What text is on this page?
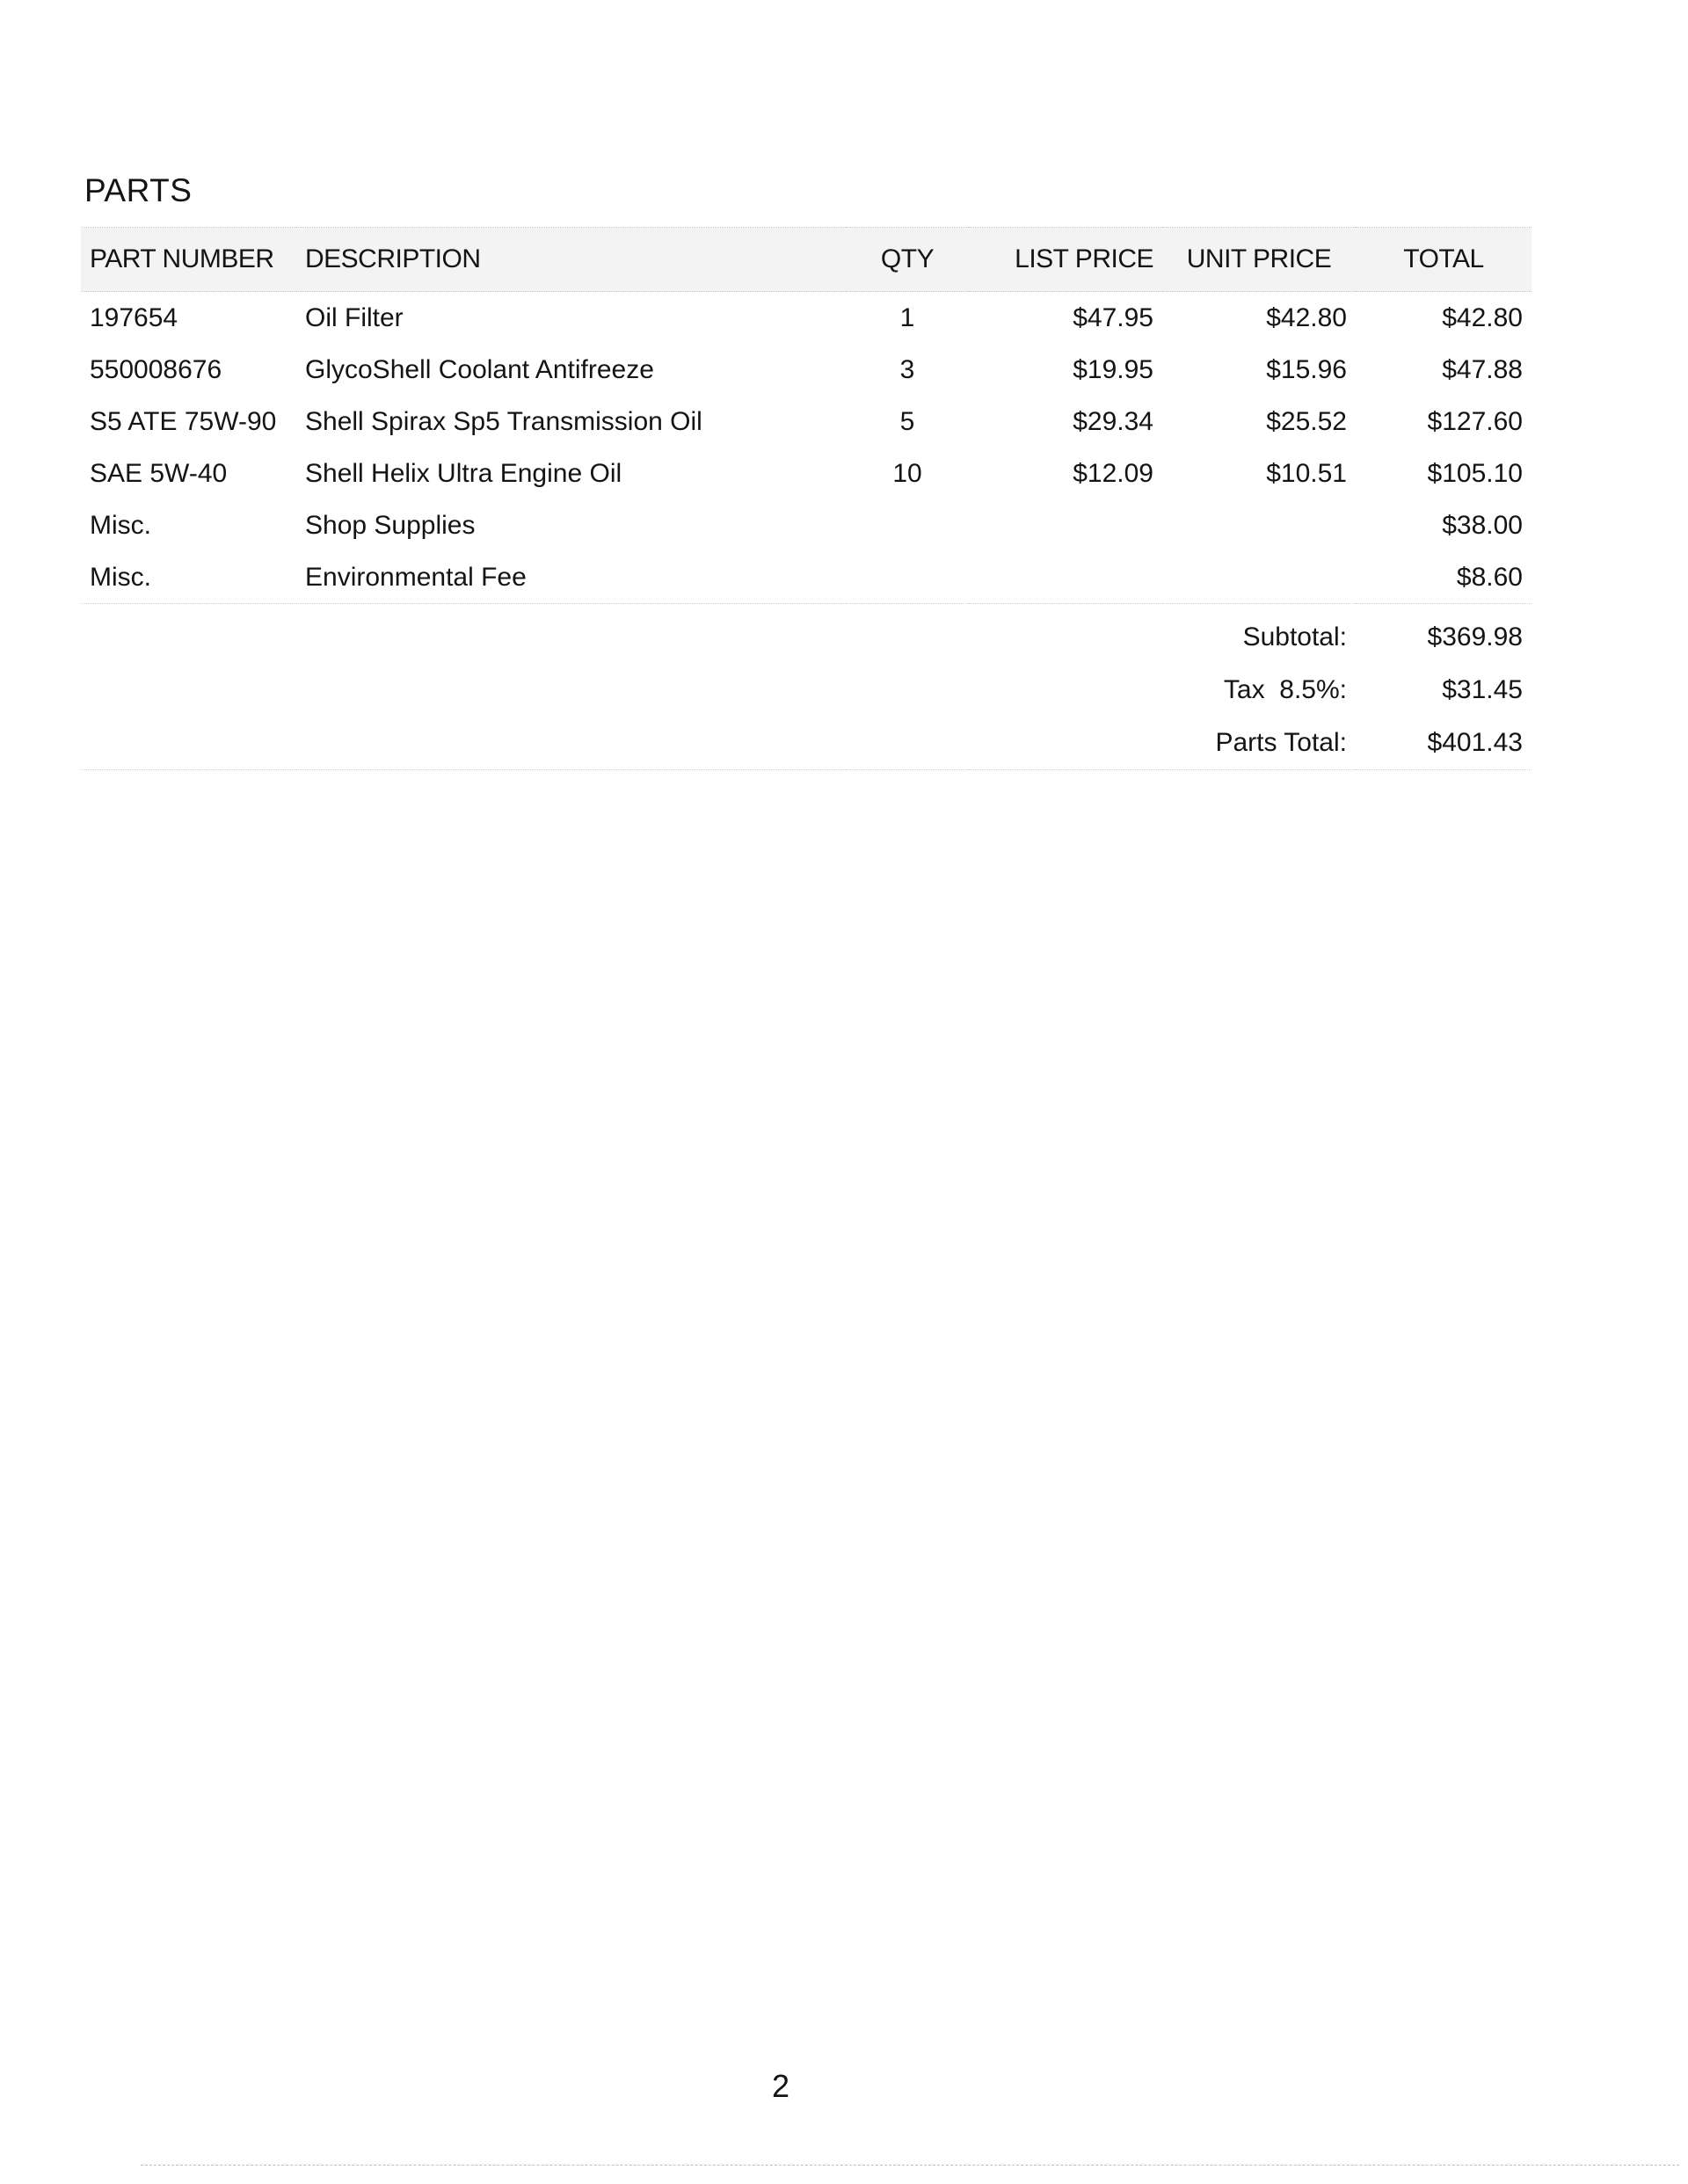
PARTS
PART NUMBER	DESCRIPTION	QTY	LIST PRICE	UNIT PRICE	TOTAL
197654	Oil Filter	1	$47.95	$42.80	$42.80
550008676	GlycoShell Coolant Antifreeze	3	$19.95	$15.96	$47.88
S5 ATE 75W-90	Shell Spirax Sp5 Transmission Oil	5	$29.34	$25.52	$127.60
SAE 5W-40	Shell Helix Ultra Engine Oil	10	$12.09	$10.51	$105.10
Misc.	Shop Supplies				$38.00
Misc.	Environmental Fee				$8.60
Subtotal:					$369.98
Tax  8.5%:					$31.45
Parts Total:					$401.43
2
